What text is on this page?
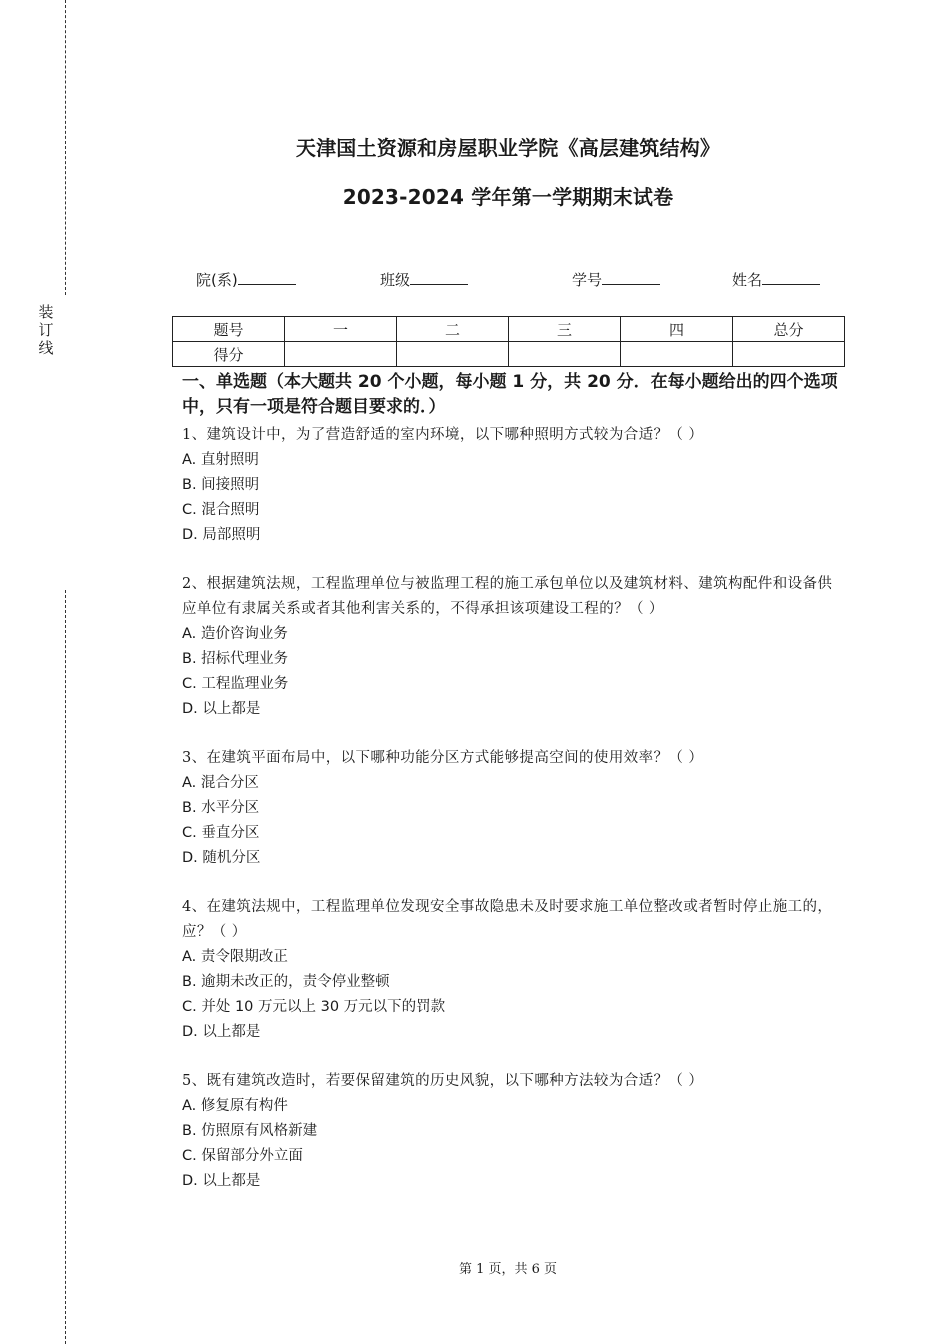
装
订
线
天津国土资源和房屋职业学院《高层建筑结构》
2023-2024 学年第一学期期末试卷
院(系)	班级	学号	姓名
题号	一	二	三	四	总分
得分					

一、单选题（本大题共 20 个小题，每小题 1 分，共 20 分．在每小题给出的四个选项中，只有一项是符合题目要求的．）

1、建筑设计中，为了营造舒适的室内环境，以下哪种照明方式较为合适？（ ）

A. 直射照明

B. 间接照明

C. 混合照明

D. 局部照明

2、根据建筑法规，工程监理单位与被监理工程的施工承包单位以及建筑材料、建筑构配件和设备供应单位有隶属关系或者其他利害关系的，不得承担该项建设工程的？（ ）

A. 造价咨询业务

B. 招标代理业务

C. 工程监理业务

D. 以上都是

3、在建筑平面布局中，以下哪种功能分区方式能够提高空间的使用效率？（ ）

A. 混合分区

B. 水平分区

C. 垂直分区

D. 随机分区

4、在建筑法规中，工程监理单位发现安全事故隐患未及时要求施工单位整改或者暂时停止施工的，应？（ ）

A. 责令限期改正

B. 逾期未改正的，责令停业整顿

C. 并处 10 万元以上 30 万元以下的罚款

D. 以上都是

5、既有建筑改造时，若要保留建筑的历史风貌，以下哪种方法较为合适？（ ）

A. 修复原有构件

B. 仿照原有风格新建

C. 保留部分外立面

D. 以上都是

第 1 页，共 6 页
